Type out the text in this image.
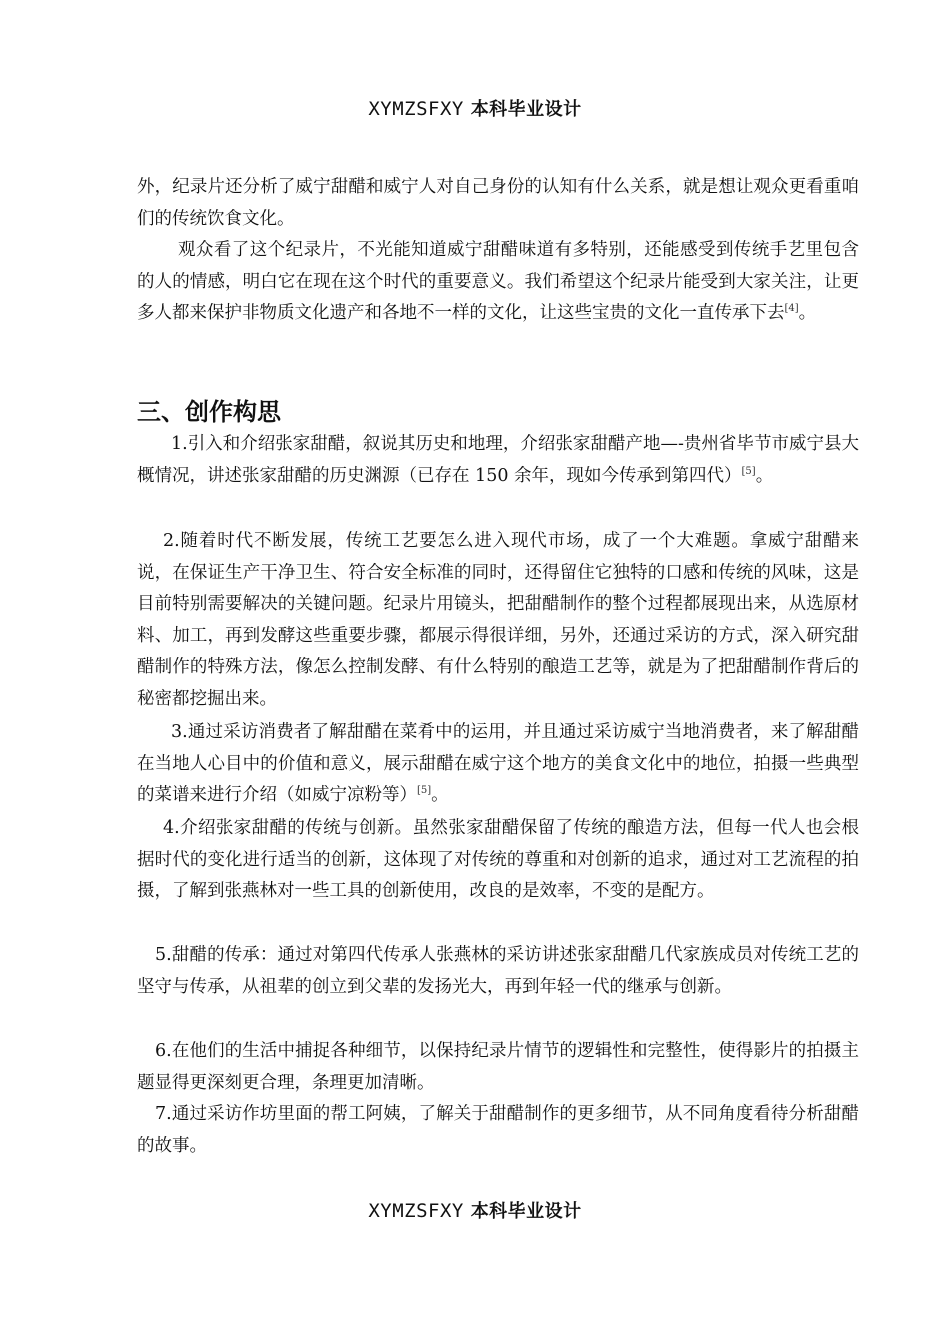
XYMZSFXY 本科毕业设计

外，纪录片还分析了威宁甜醋和威宁人对自己身份的认知有什么关系，就是想让观众更看重咱们的传统饮食文化。

观众看了这个纪录片，不光能知道威宁甜醋味道有多特别，还能感受到传统手艺里包含的人的情感，明白它在现在这个时代的重要意义。我们希望这个纪录片能受到大家关注，让更多人都来保护非物质文化遗产和各地不一样的文化，让这些宝贵的文化一直传承下去[4]。

三、创作构思

1.引入和介绍张家甜醋，叙说其历史和地理，介绍张家甜醋产地—-贵州省毕节市威宁县大概情况，讲述张家甜醋的历史渊源（已存在 150 余年，现如今传承到第四代）[5]。

2.随着时代不断发展，传统工艺要怎么进入现代市场，成了一个大难题。拿威宁甜醋来说，在保证生产干净卫生、符合安全标准的同时，还得留住它独特的口感和传统的风味，这是目前特别需要解决的关键问题。纪录片用镜头，把甜醋制作的整个过程都展现出来，从选原材料、加工，再到发酵这些重要步骤，都展示得很详细，另外，还通过采访的方式，深入研究甜醋制作的特殊方法，像怎么控制发酵、有什么特别的酿造工艺等，就是为了把甜醋制作背后的秘密都挖掘出来。

3.通过采访消费者了解甜醋在菜肴中的运用，并且通过采访威宁当地消费者，来了解甜醋在当地人心目中的价值和意义，展示甜醋在威宁这个地方的美食文化中的地位，拍摄一些典型的菜谱来进行介绍（如威宁凉粉等）[5]。

4.介绍张家甜醋的传统与创新。虽然张家甜醋保留了传统的酿造方法，但每一代人也会根据时代的变化进行适当的创新，这体现了对传统的尊重和对创新的追求，通过对工艺流程的拍摄，了解到张燕林对一些工具的创新使用，改良的是效率，不变的是配方。

5.甜醋的传承：通过对第四代传承人张燕林的采访讲述张家甜醋几代家族成员对传统工艺的坚守与传承，从祖辈的创立到父辈的发扬光大，再到年轻一代的继承与创新。

6.在他们的生活中捕捉各种细节，以保持纪录片情节的逻辑性和完整性，使得影片的拍摄主题显得更深刻更合理，条理更加清晰。

7.通过采访作坊里面的帮工阿姨，了解关于甜醋制作的更多细节，从不同角度看待分析甜醋的故事。

XYMZSFXY 本科毕业设计
